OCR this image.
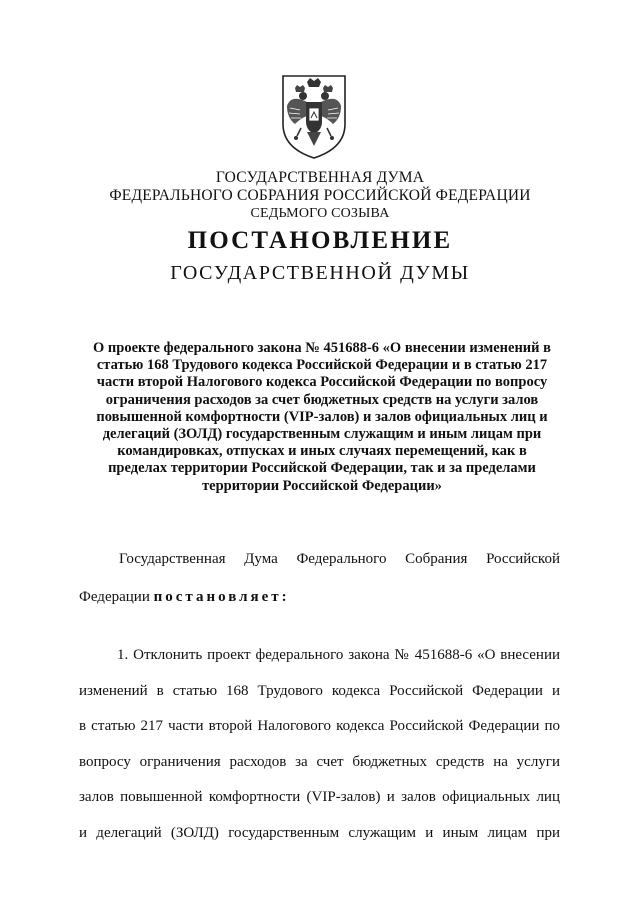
ГОСУДАРСТВЕННАЯ ДУМА
ФЕДЕРАЛЬНОГО СОБРАНИЯ РОССИЙСКОЙ ФЕДЕРАЦИИ
СЕДЬМОГО СОЗЫВА
ПОСТАНОВЛЕНИЕ
ГОСУДАРСТВЕННОЙ ДУМЫ
О проекте федерального закона № 451688-6 «О внесении изменений в
статью 168 Трудового кодекса Российской Федерации и в статью 217
части второй Налогового кодекса Российской Федерации по вопросу
ограничения расходов за счет бюджетных средств на услуги залов
повышенной комфортности (VIP-залов) и залов официальных лиц и
делегаций (ЗОЛД) государственным служащим и иным лицам при
командировках, отпусках и иных случаях перемещений, как в
пределах территории Российской Федерации, так и за пределами
территории Российской Федерации»
Государственная Дума Федерального Собрания Российской
Федерации постановляет:
1. Отклонить проект федерального закона № 451688-6 «О внесении
изменений в статью 168 Трудового кодекса Российской Федерации и
в статью 217 части второй Налогового кодекса Российской Федерации по
вопросу ограничения расходов за счет бюджетных средств на услуги
залов повышенной комфортности (VIP-залов) и залов официальных лиц
и делегаций (ЗОЛД) государственным служащим и иным лицам при
